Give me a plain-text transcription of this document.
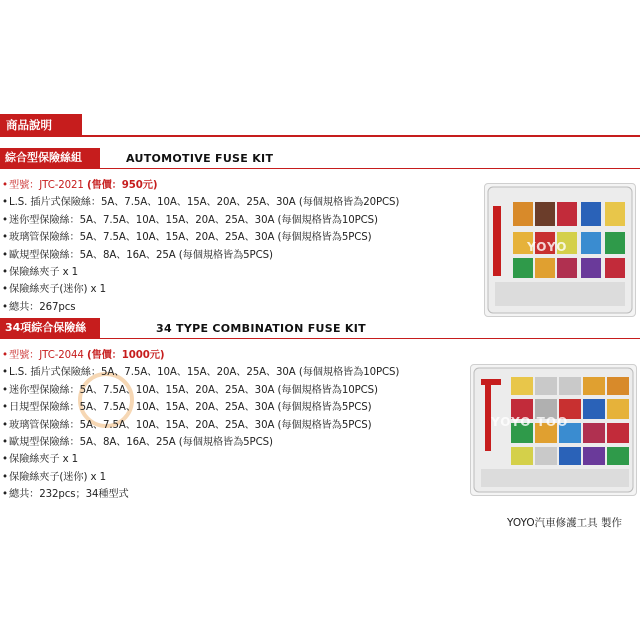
商品說明
綜合型保險絲組	AUTOMOTIVE FUSE KIT
•型號：JTC-2021 (售價：950元)
•L.S. 插片式保險絲：5A、7.5A、10A、15A、20A、25A、30A (每個規格皆為20PCS)
•迷你型保險絲：5A、7.5A、10A、15A、20A、25A、30A (每個規格皆為10PCS)
•玻璃管保險絲：5A、7.5A、10A、15A、20A、25A、30A (每個規格皆為5PCS)
•歐規型保險絲：5A、8A、16A、25A (每個規格皆為5PCS)
•保險絲夾子 x 1
•保險絲夾子(迷你) x 1
•總共：267pcs
YOYO
34項綜合保險絲組
34 TYPE COMBINATION FUSE KIT
•型號：JTC-2044 (售價：1000元)
•L.S. 插片式保險絲：5A、7.5A、10A、15A、20A、25A、30A (每個規格皆為10PCS)
•迷你型保險絲：5A、7.5A、10A、15A、20A、25A、30A (每個規格皆為10PCS)
•日規型保險絲：5A、7.5A、10A、15A、20A、25A、30A (每個規格皆為5PCS)
•玻璃管保險絲：5A、7.5A、10A、15A、20A、25A、30A (每個規格皆為5PCS)
•歐規型保險絲：5A、8A、16A、25A (每個規格皆為5PCS)
•保險絲夾子 x 1
•保險絲夾子(迷你) x 1
•總共：232pcs；34種型式
YOYO TOO
YOYO汽車修護工具 製作
